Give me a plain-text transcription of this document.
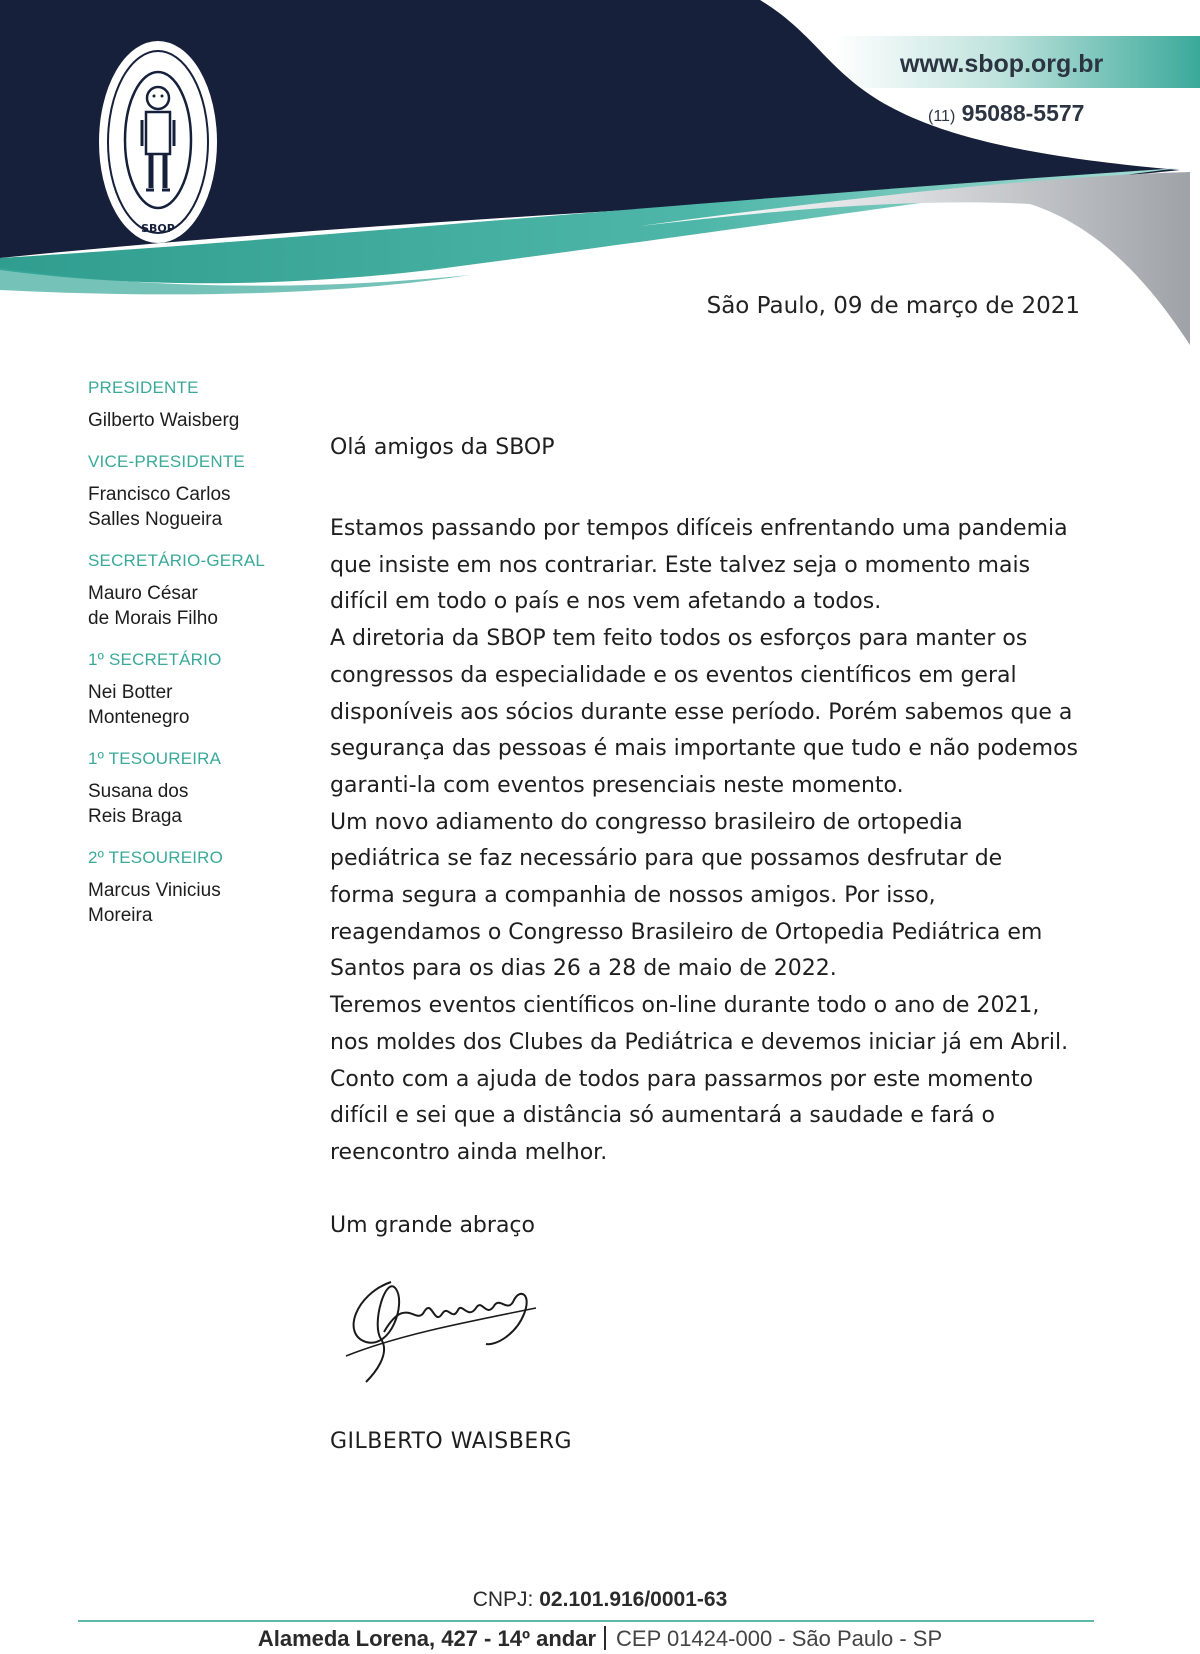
SBOP
www.sbop.org.br
(11) 95088-5577
São Paulo, 09 de março de 2021
PRESIDENTE
Gilberto Waisberg
VICE-PRESIDENTE
Francisco Carlos
Salles Nogueira
SECRETÁRIO-GERAL
Mauro César
de Morais Filho
1º SECRETÁRIO
Nei Botter
Montenegro
1º TESOUREIRA
Susana dos
Reis Braga
2º TESOUREIRO
Marcus Vinicius
Moreira
Olá amigos da SBOP
Estamos passando por tempos difíceis enfrentando uma pandemia
que insiste em nos contrariar. Este talvez seja o momento mais
difícil em todo o país e nos vem afetando a todos.
A diretoria da SBOP tem feito todos os esforços para manter os
congressos da especialidade e os eventos científicos em geral
disponíveis aos sócios durante esse período. Porém sabemos que a
segurança das pessoas é mais importante que tudo e não podemos
garanti-la com eventos presenciais neste momento.
Um novo adiamento do congresso brasileiro de ortopedia
pediátrica se faz necessário para que possamos desfrutar de
forma segura a companhia de nossos amigos. Por isso,
reagendamos o Congresso Brasileiro de Ortopedia Pediátrica em
Santos para os dias 26 a 28 de maio de 2022.
Teremos eventos científicos on-line durante todo o ano de 2021,
nos moldes dos Clubes da Pediátrica e devemos iniciar já em Abril.
Conto com a ajuda de todos para passarmos por este momento
difícil e sei que a distância só aumentará a saudade e fará o
reencontro ainda melhor.
Um grande abraço
GILBERTO WAISBERG
CNPJ: 02.101.916/0001-63
Alameda Lorena, 427 - 14º andar CEP 01424-000 - São Paulo - SP
